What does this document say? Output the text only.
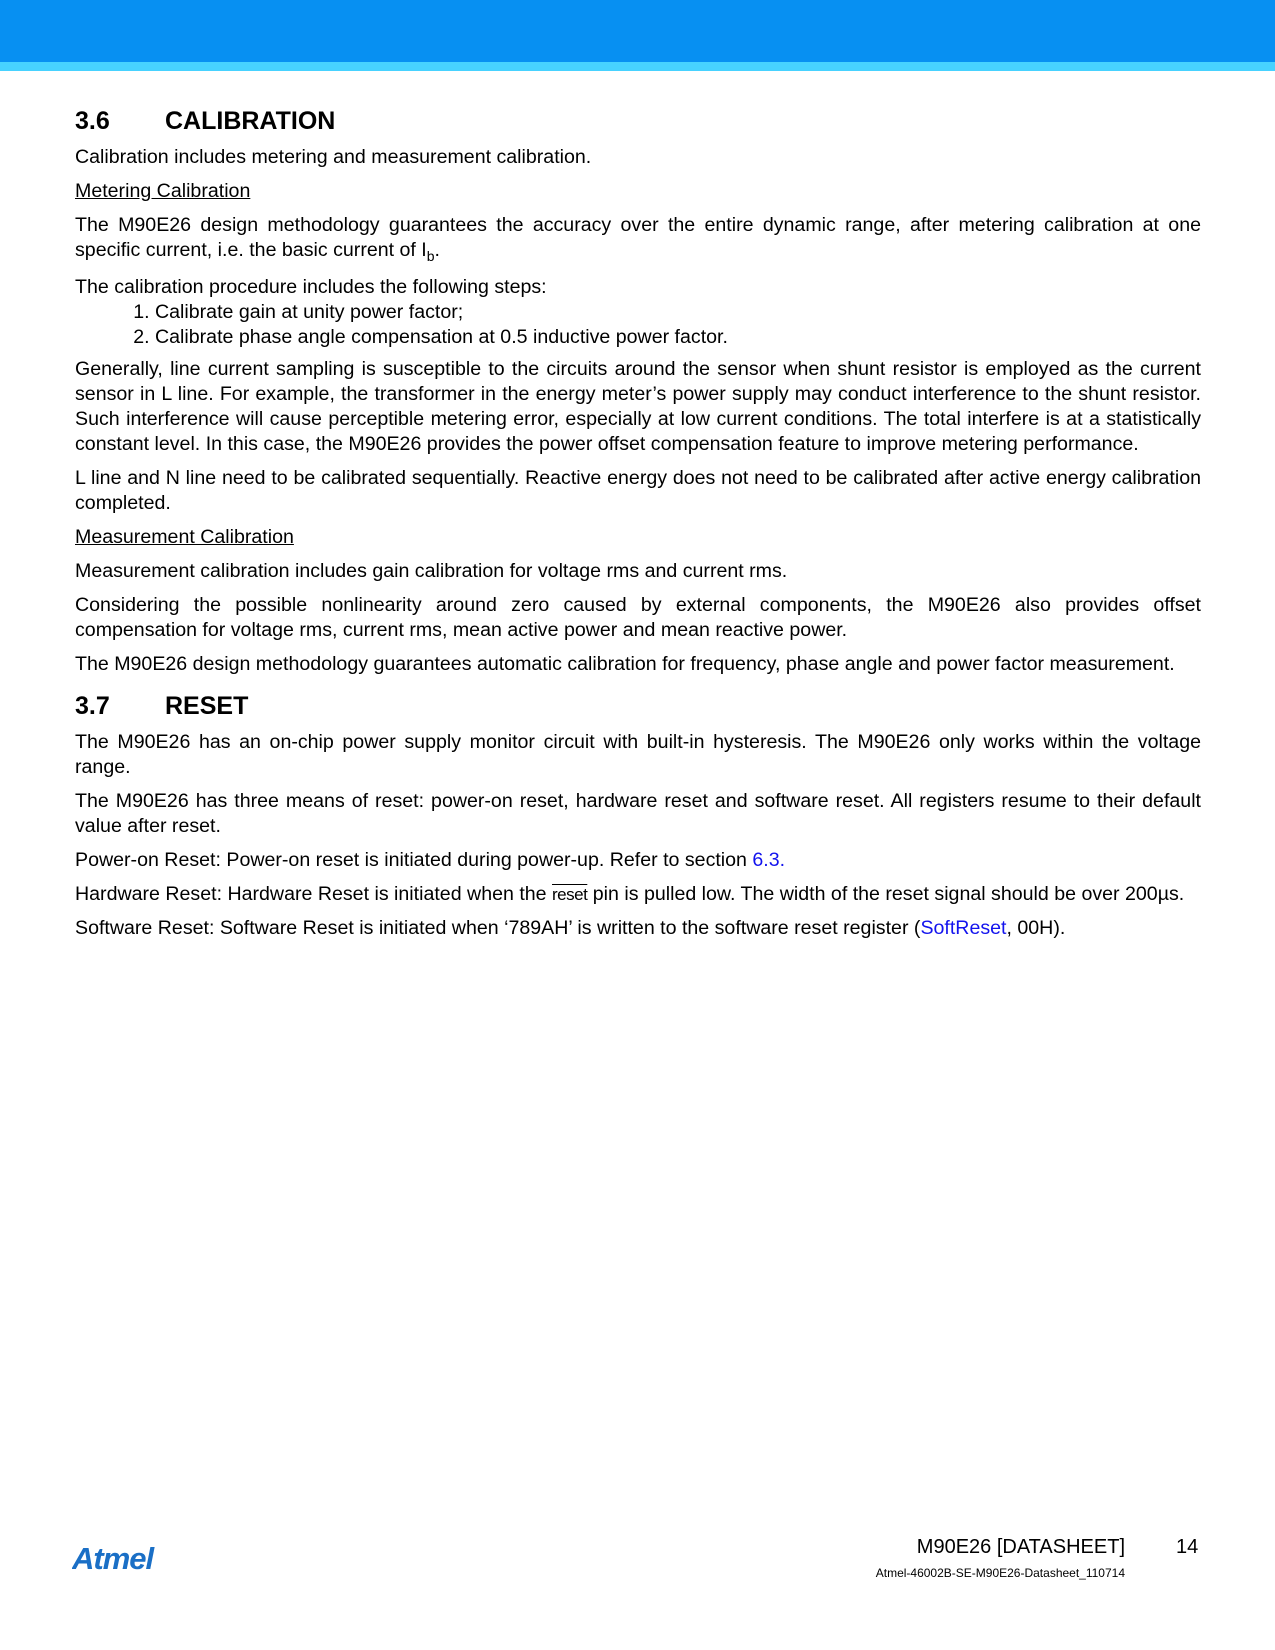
3.6	CALIBRATION

Calibration includes metering and measurement calibration.

Metering Calibration

The M90E26 design methodology guarantees the accuracy over the entire dynamic range, after metering calibration at one specific current, i.e. the basic current of $I_b$.

The calibration procedure includes the following steps:

1. Calibrate gain at unity power factor;
2. Calibrate phase angle compensation at 0.5 inductive power factor.

Generally, line current sampling is susceptible to the circuits around the sensor when shunt resistor is employed as the current sensor in L line. For example, the transformer in the energy meter’s power supply may conduct interference to the shunt resistor. Such interference will cause perceptible metering error, especially at low current conditions. The total interfere is at a statistically constant level. In this case, the M90E26 provides the power offset compensation feature to improve metering performance.

L line and N line need to be calibrated sequentially. Reactive energy does not need to be calibrated after active energy calibration completed.

Measurement Calibration

Measurement calibration includes gain calibration for voltage rms and current rms.

Considering the possible nonlinearity around zero caused by external components, the M90E26 also provides offset compensation for voltage rms, current rms, mean active power and mean reactive power.

The M90E26 design methodology guarantees automatic calibration for frequency, phase angle and power factor measurement.

3.7	RESET

The M90E26 has an on-chip power supply monitor circuit with built-in hysteresis. The M90E26 only works within the voltage range.

The M90E26 has three means of reset: power-on reset, hardware reset and software reset. All registers resume to their default value after reset.

Power-on Reset: Power-on reset is initiated during power-up. Refer to section 6.3.

Hardware Reset: Hardware Reset is initiated when the reset pin is pulled low. The width of the reset signal should be over 200µs.

Software Reset: Software Reset is initiated when ‘789AH’ is written to the software reset register (SoftReset, 00H).

Atmel	M90E26 [DATASHEET]	14
Atmel-46002B-SE-M90E26-Datasheet_110714
